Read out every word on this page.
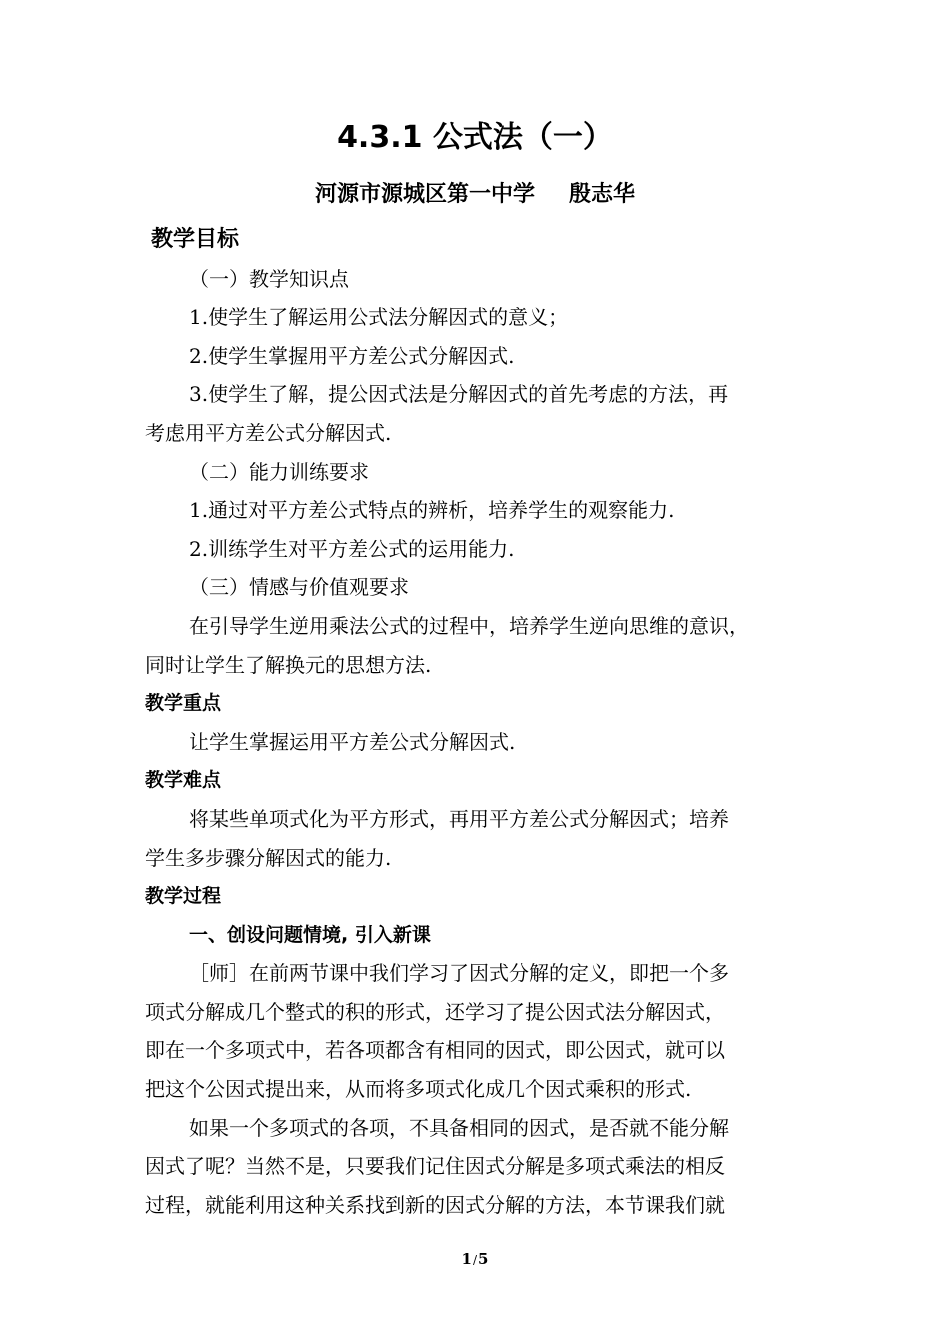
4.3.1 公式法（一）
河源市源城区第一中学 殷志华

教学目标

（一）教学知识点

1.使学生了解运用公式法分解因式的意义；

2.使学生掌握用平方差公式分解因式.

3.使学生了解，提公因式法是分解因式的首先考虑的方法，再

考虑用平方差公式分解因式.

（二）能力训练要求

1.通过对平方差公式特点的辨析，培养学生的观察能力.

2.训练学生对平方差公式的运用能力.

（三）情感与价值观要求

在引导学生逆用乘法公式的过程中，培养学生逆向思维的意识，

同时让学生了解换元的思想方法.

教学重点

让学生掌握运用平方差公式分解因式.

教学难点

将某些单项式化为平方形式，再用平方差公式分解因式；培养

学生多步骤分解因式的能力.

教学过程

一、创设问题情境, 引入新课

［师］在前两节课中我们学习了因式分解的定义，即把一个多

项式分解成几个整式的积的形式，还学习了提公因式法分解因式，

即在一个多项式中，若各项都含有相同的因式，即公因式，就可以

把这个公因式提出来，从而将多项式化成几个因式乘积的形式.

如果一个多项式的各项，不具备相同的因式，是否就不能分解

因式了呢？当然不是，只要我们记住因式分解是多项式乘法的相反

过程，就能利用这种关系找到新的因式分解的方法，本节课我们就

1/5
